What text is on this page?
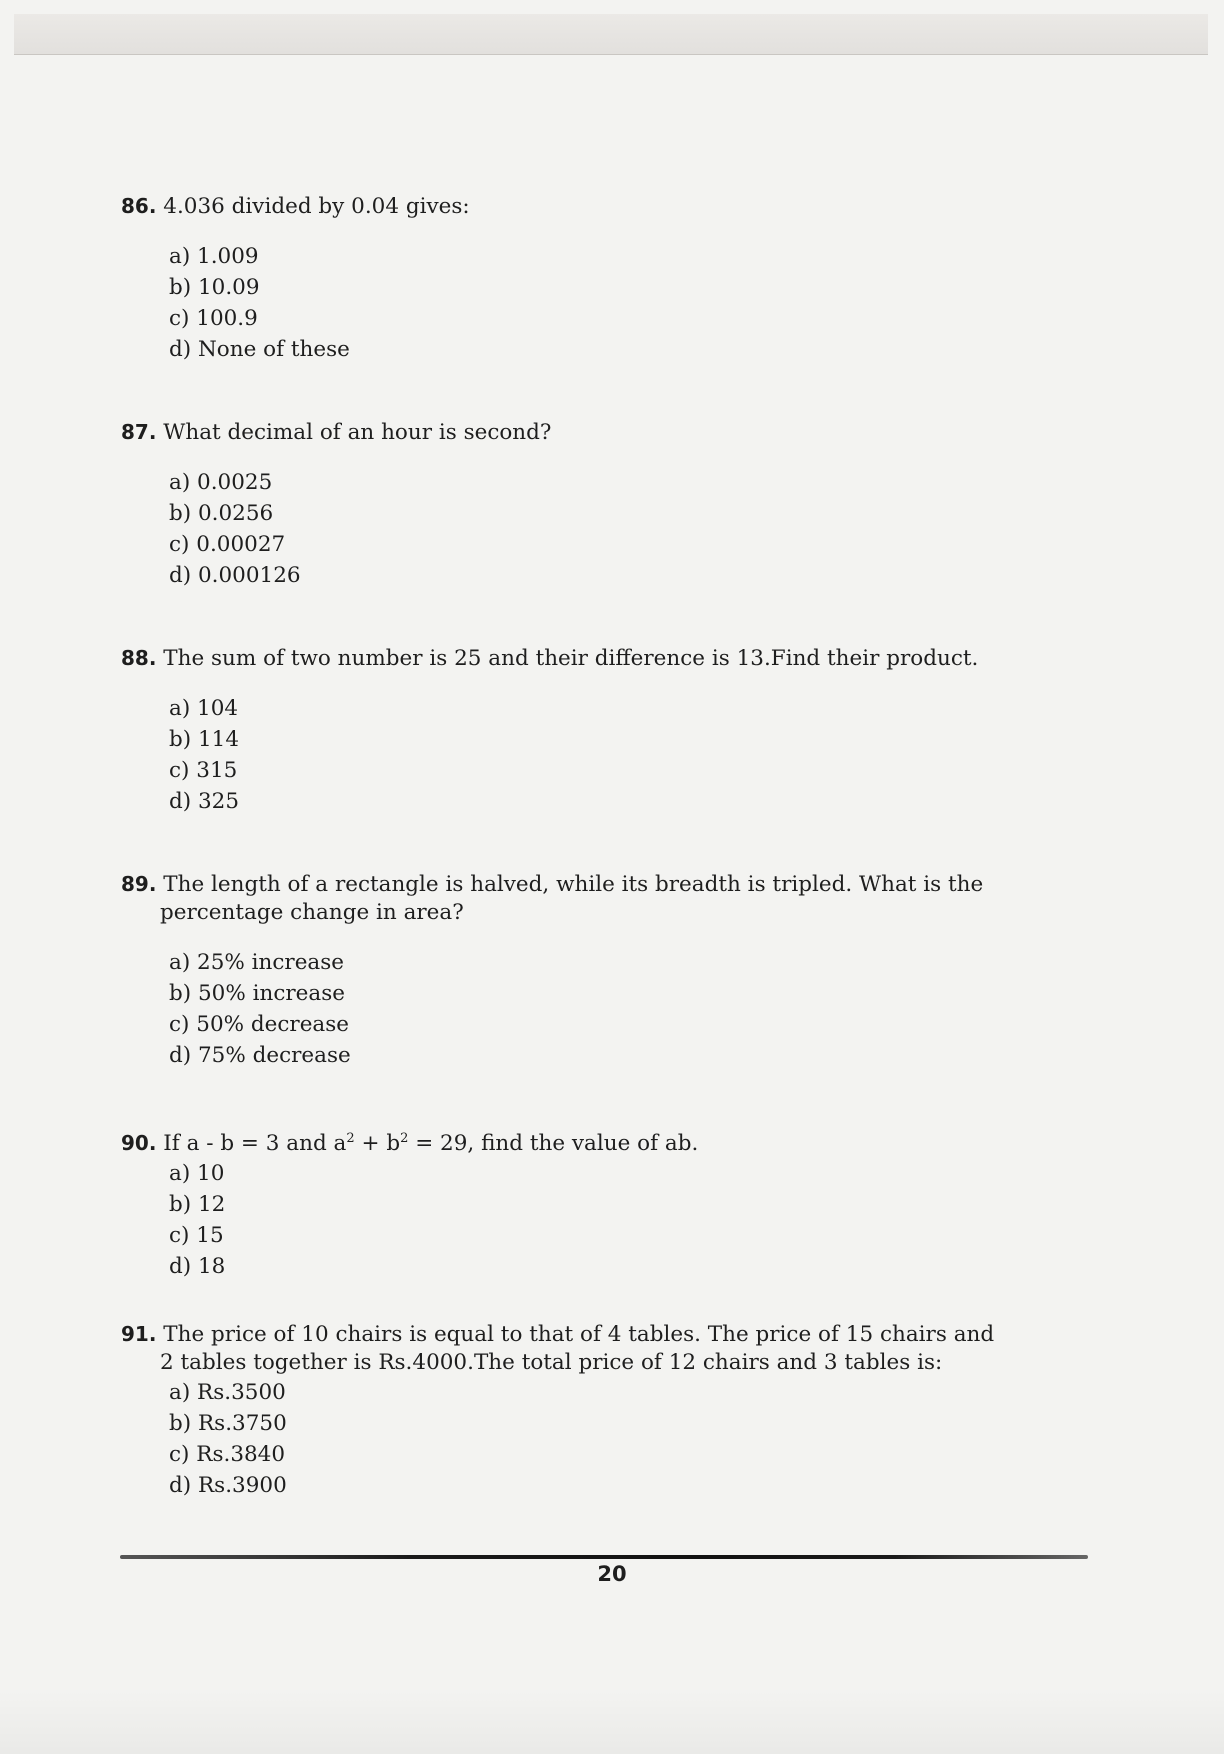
86. 4.036 divided by 0.04 gives:

a) 1.009
b) 10.09
c) 100.9
d) None of these

87. What decimal of an hour is second?

a) 0.0025
b) 0.0256
c) 0.00027
d) 0.000126

88. The sum of two number is 25 and their difference is 13.Find their product.

a) 104
b) 114
c) 315
d) 325

89. The length of a rectangle is halved, while its breadth is tripled. What is the percentage change in area?

a) 25% increase
b) 50% increase
c) 50% decrease
d) 75% decrease

90. If a - b = 3 and $a^2 + b^2 = 29$, find the value of ab.

a) 10
b) 12
c) 15
d) 18

91. The price of 10 chairs is equal to that of 4 tables. The price of 15 chairs and 2 tables together is Rs.4000.The total price of 12 chairs and 3 tables is:

a) Rs.3500
b) Rs.3750
c) Rs.3840
d) Rs.3900
20
